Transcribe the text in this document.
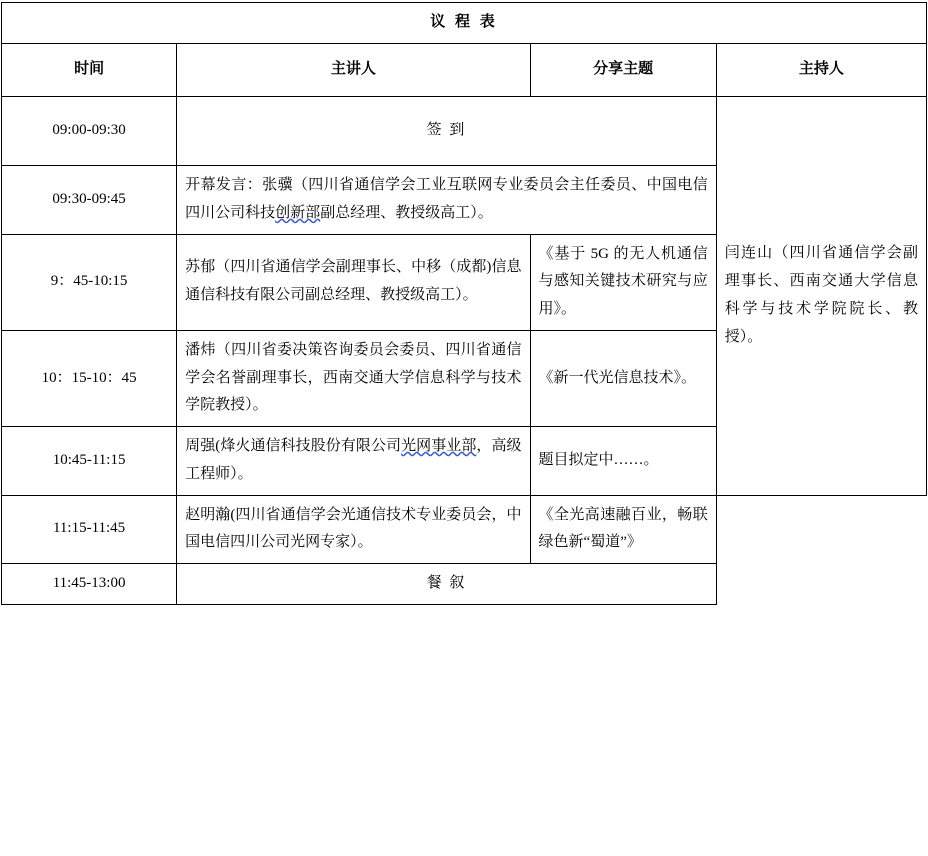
议 程 表			
时间	主讲人	分享主题	主持人
09:00-09:30	签 到		闫连山（四川省通信学会副理事长、西南交通大学信息科学与技术学院院长、教授）。
09:30-09:45	开幕发言：张骥（四川省通信学会工业互联网专业委员会主任委员、中国电信四川公司科技创新部副总经理、教授级高工）。		
9：45-10:15	苏郁（四川省通信学会副理事长、中移（成都)信息通信科技有限公司副总经理、教授级高工）。	《基于 5G 的无人机通信与感知关键技术研究与应用》。	
10：15-10：45	潘炜（四川省委决策咨询委员会委员、四川省通信学会名誉副理事长，西南交通大学信息科学与技术学院教授）。	《新一代光信息技术》。	
10:45-11:15	周强(烽火通信科技股份有限公司光网事业部，高级工程师）。	题目拟定中……。	
11:15-11:45	赵明瀚(四川省通信学会光通信技术专业委员会，中国电信四川公司光网专家）。	《全光高速融百业，畅联绿色新“蜀道”》	
11:45-13:00	餐 叙		
